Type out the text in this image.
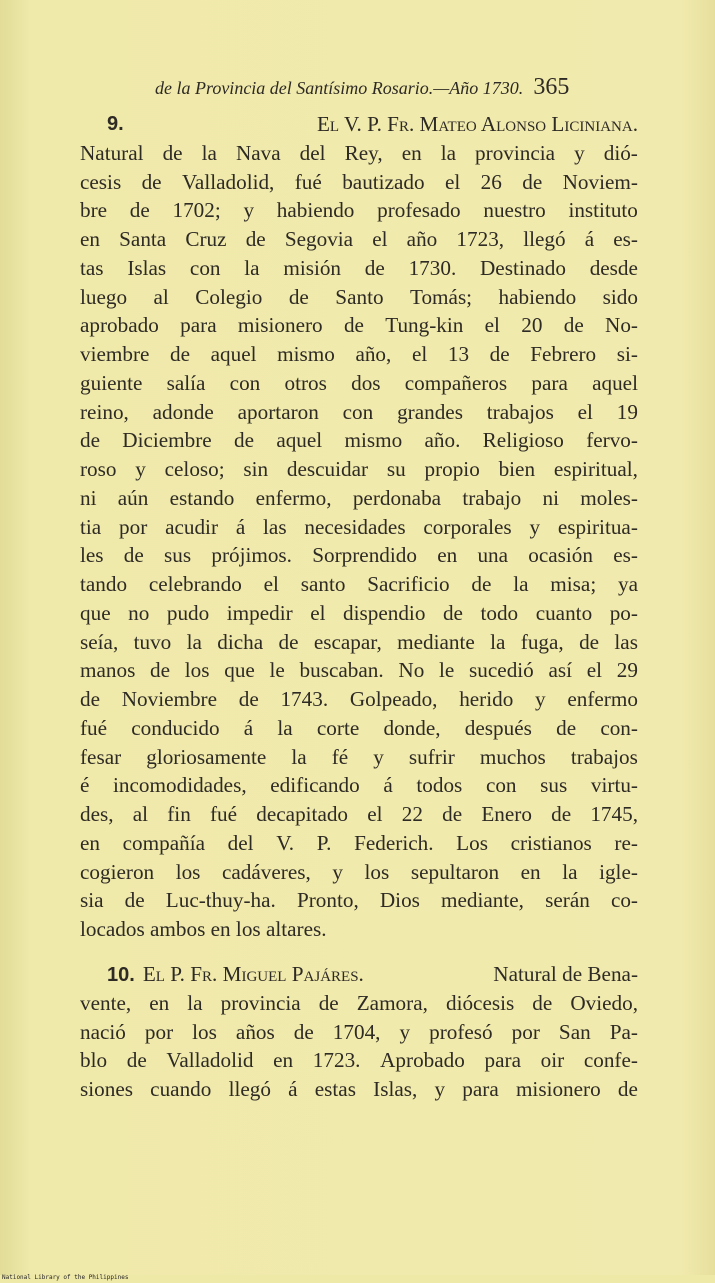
de la Provincia del Santísimo Rosario.—Año 1730. 365
9.	El V. P. Fr. Mateo Alonso Liciniana.
Natural de la Nava del Rey, en la provincia y dió-
cesis de Valladolid, fué bautizado el 26 de Noviem-
bre de 1702; y habiendo profesado nuestro instituto
en Santa Cruz de Segovia el año 1723, llegó á es-
tas Islas con la misión de 1730. Destinado desde
luego al Colegio de Santo Tomás; habiendo sido
aprobado para misionero de Tung-kin el 20 de No-
viembre de aquel mismo año, el 13 de Febrero si-
guiente salía con otros dos compañeros para aquel
reino, adonde aportaron con grandes trabajos el 19
de Diciembre de aquel mismo año. Religioso fervo-
roso y celoso; sin descuidar su propio bien espiritual,
ni aún estando enfermo, perdonaba trabajo ni moles-
tia por acudir á las necesidades corporales y espiritua-
les de sus prójimos. Sorprendido en una ocasión es-
tando celebrando el santo Sacrificio de la misa; ya
que no pudo impedir el dispendio de todo cuanto po-
seía, tuvo la dicha de escapar, mediante la fuga, de las
manos de los que le buscaban. No le sucedió así el 29
de Noviembre de 1743. Golpeado, herido y enfermo
fué conducido á la corte donde, después de con-
fesar gloriosamente la fé y sufrir muchos trabajos
é incomodidades, edificando á todos con sus virtu-
des, al fin fué decapitado el 22 de Enero de 1745,
en compañía del V. P. Federich. Los cristianos re-
cogieron los cadáveres, y los sepultaron en la igle-
sia de Luc-thuy-ha. Pronto, Dios mediante, serán co-
locados ambos en los altares.
10. El P. Fr. Miguel Pajáres.	Natural de Bena-
vente, en la provincia de Zamora, diócesis de Oviedo,
nació por los años de 1704, y profesó por San Pa-
blo de Valladolid en 1723. Aprobado para oir confe-
siones cuando llegó á estas Islas, y para misionero de
National Library of the Philippines
